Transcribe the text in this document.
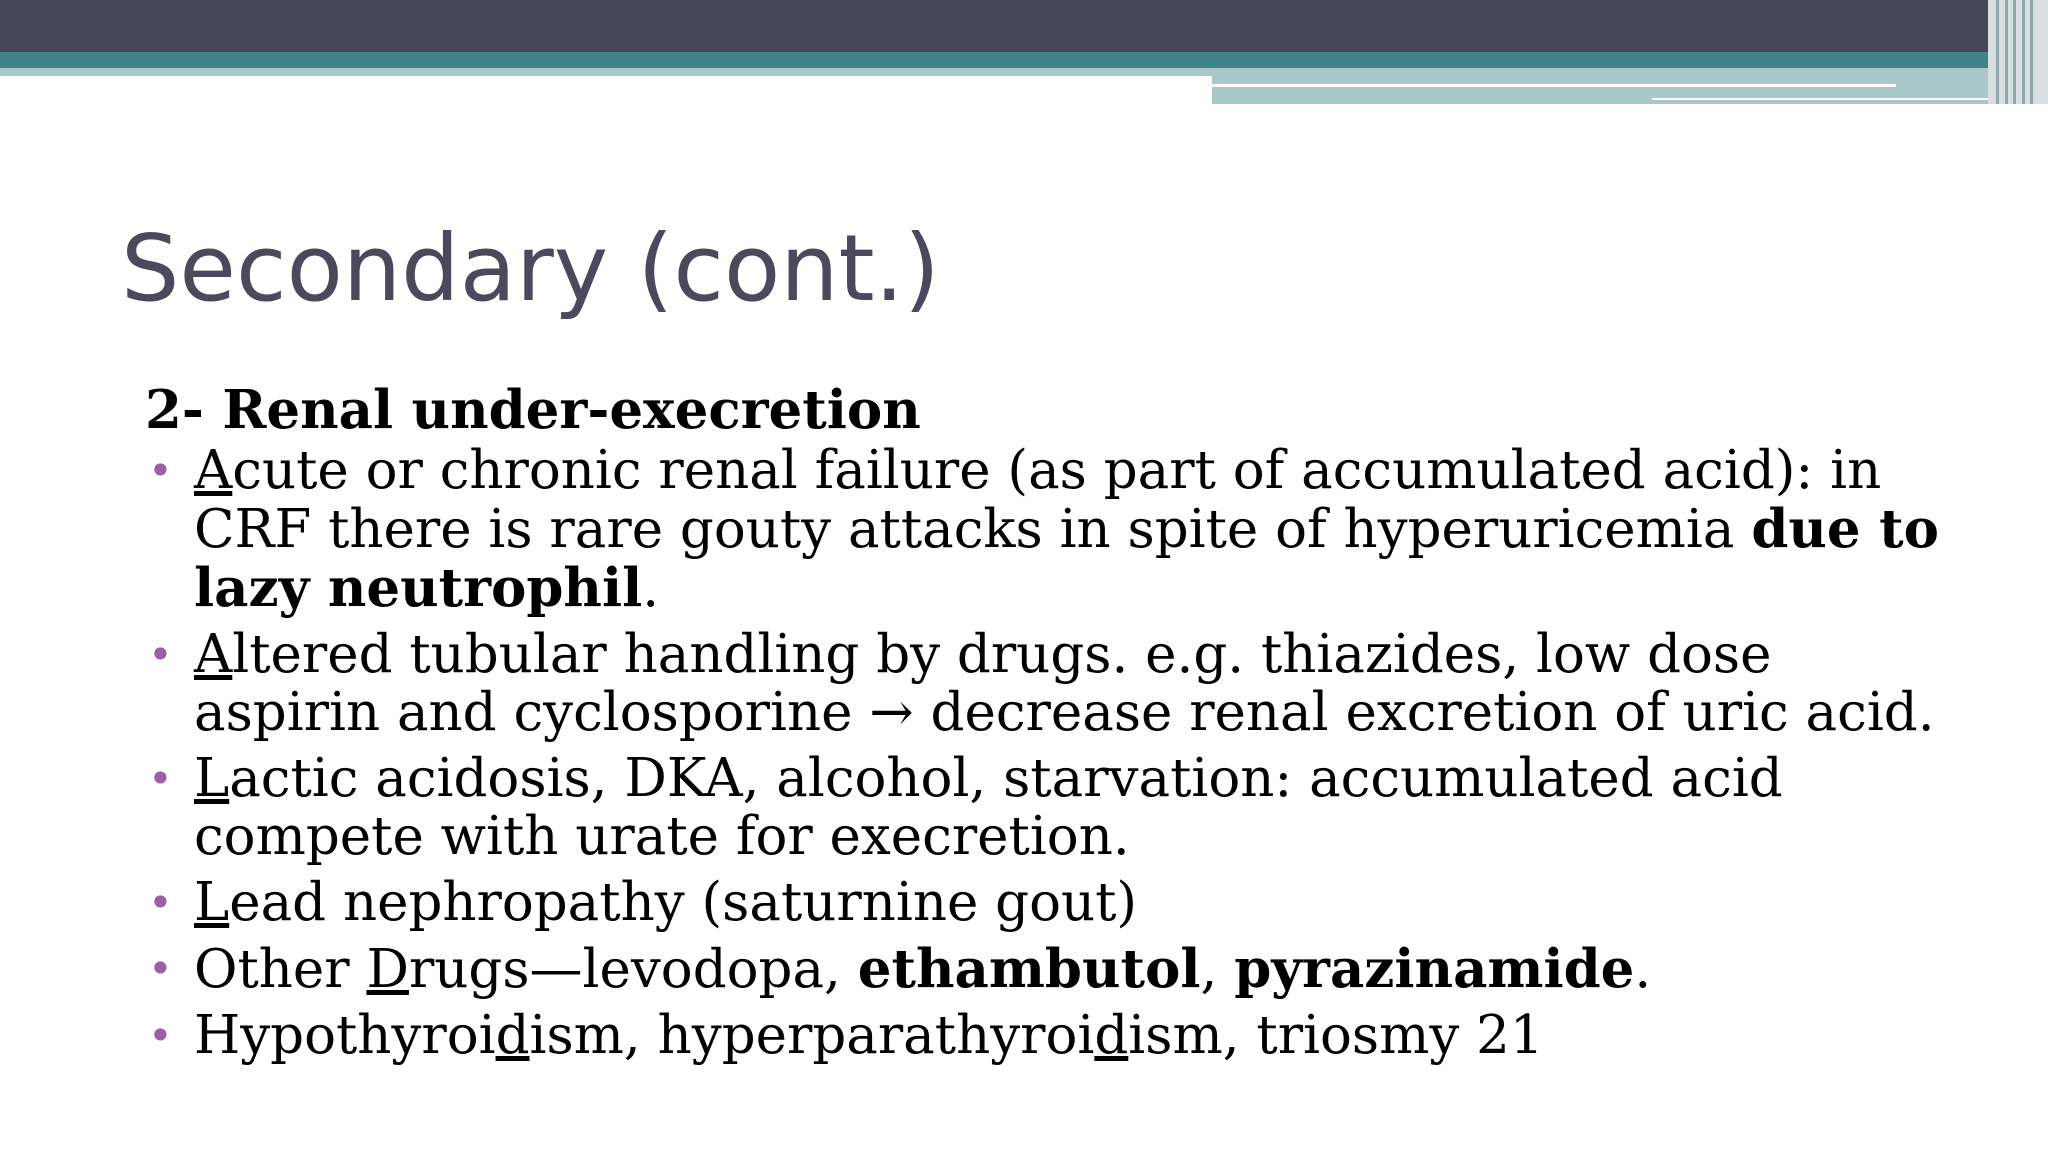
Secondary (cont.)
2- Renal under-execretion
• Acute or chronic renal failure (as part of accumulated acid): in CRF there is rare gouty attacks in spite of hyperuricemia due to lazy neutrophil.
• Altered tubular handling by drugs. e.g. thiazides, low dose aspirin and cyclosporine → decrease renal excretion of uric acid.
• Lactic acidosis, DKA, alcohol, starvation: accumulated acid compete with urate for execretion.
• Lead nephropathy (saturnine gout)
• Other Drugs—levodopa, ethambutol, pyrazinamide.
• Hypothyroidism, hyperparathyroidism, triosmy 21
